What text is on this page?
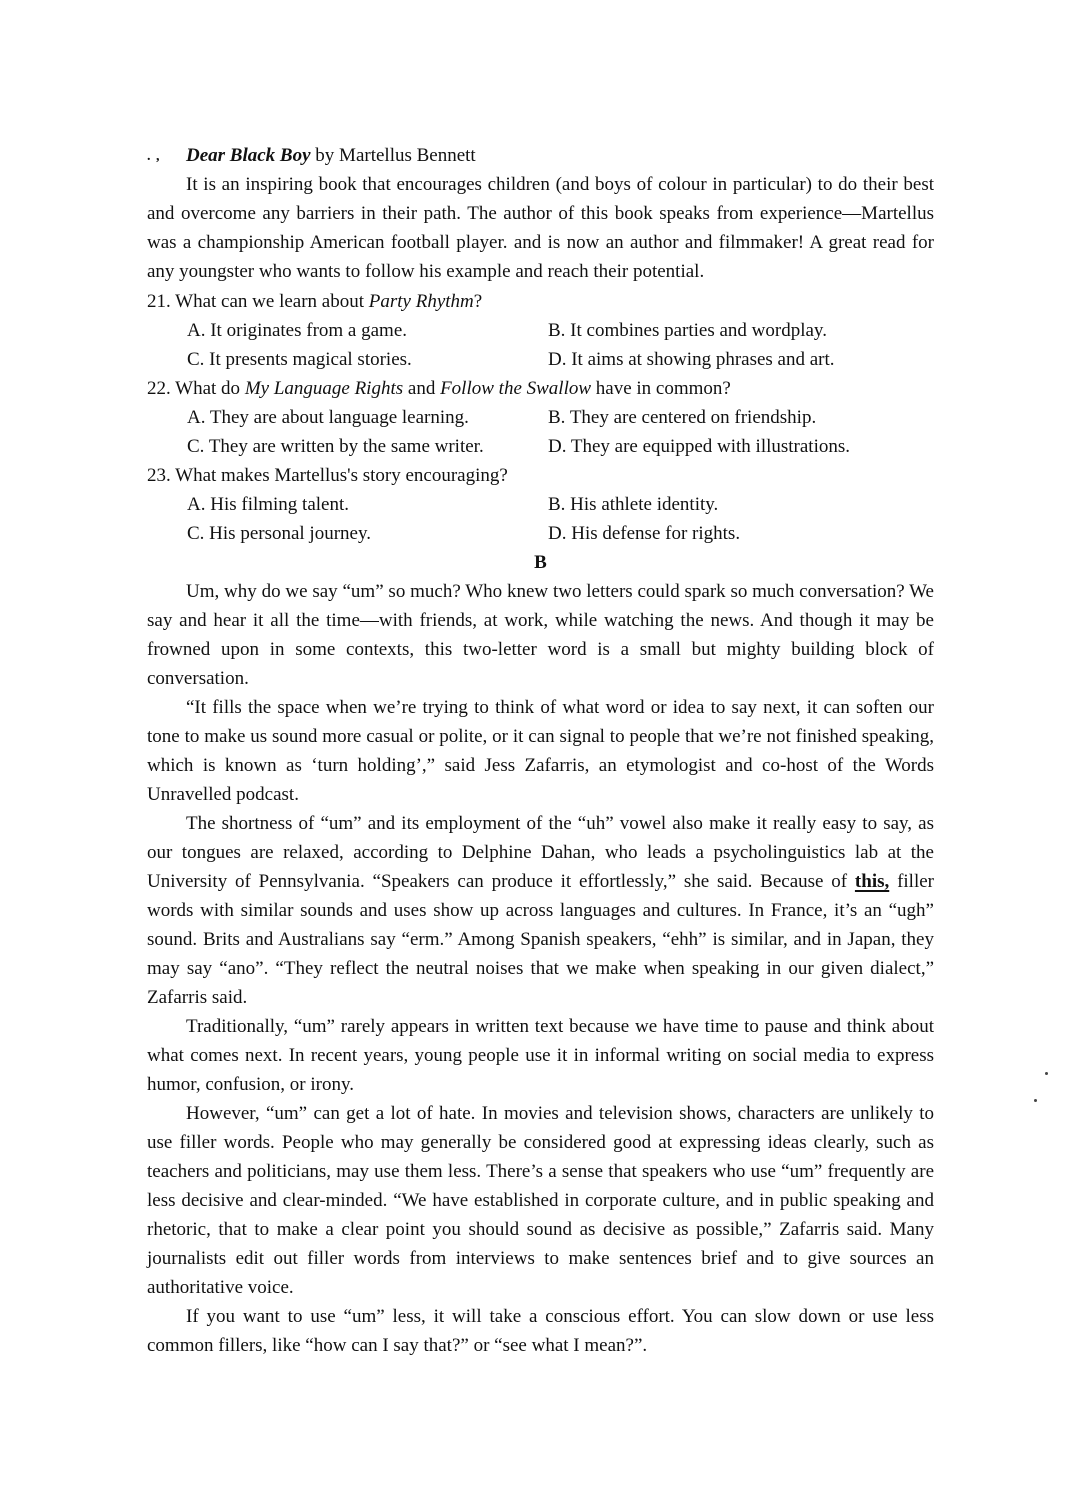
. ,	Dear Black Boy by Martellus Bennett

It is an inspiring book that encourages children (and boys of colour in particular) to do their best and overcome any barriers in their path. The author of this book speaks from experience—Martellus was a championship American football player. and is now an author and filmmaker! A great read for any youngster who wants to follow his example and reach their potential.

21. What can we learn about Party Rhythm?

A. It originates from a game.	B. It combines parties and wordplay.
C. It presents magical stories.	D. It aims at showing phrases and art.

22. What do My Language Rights and Follow the Swallow have in common?

A. They are about language learning.	B. They are centered on friendship.
C. They are written by the same writer.	D. They are equipped with illustrations.

23. What makes Martellus's story encouraging?

A. His filming talent.	B. His athlete identity.
C. His personal journey.	D. His defense for rights.

B

Um, why do we say “um” so much? Who knew two letters could spark so much conversation? We say and hear it all the time—with friends, at work, while watching the news. And though it may be frowned upon in some contexts, this two-letter word is a small but mighty building block of conversation.

“It fills the space when we’re trying to think of what word or idea to say next, it can soften our tone to make us sound more casual or polite, or it can signal to people that we’re not finished speaking, which is known as ‘turn holding’,” said Jess Zafarris, an etymologist and co-host of the Words Unravelled podcast.

The shortness of “um” and its employment of the “uh” vowel also make it really easy to say, as our tongues are relaxed, according to Delphine Dahan, who leads a psycholinguistics lab at the University of Pennsylvania. “Speakers can produce it effortlessly,” she said. Because of this, filler words with similar sounds and uses show up across languages and cultures. In France, it’s an “ugh” sound. Brits and Australians say “erm.” Among Spanish speakers, “ehh” is similar, and in Japan, they may say “ano”. “They reflect the neutral noises that we make when speaking in our given dialect,” Zafarris said.

Traditionally, “um” rarely appears in written text because we have time to pause and think about what comes next. In recent years, young people use it in informal writing on social media to express humor, confusion, or irony.

However, “um” can get a lot of hate. In movies and television shows, characters are unlikely to use filler words. People who may generally be considered good at expressing ideas clearly, such as teachers and politicians, may use them less. There’s a sense that speakers who use “um” frequently are less decisive and clear-minded. “We have established in corporate culture, and in public speaking and rhetoric, that to make a clear point you should sound as decisive as possible,” Zafarris said. Many journalists edit out filler words from interviews to make sentences brief and to give sources an authoritative voice.

If you want to use “um” less, it will take a conscious effort. You can slow down or use less common fillers, like “how can I say that?” or “see what I mean?”.
